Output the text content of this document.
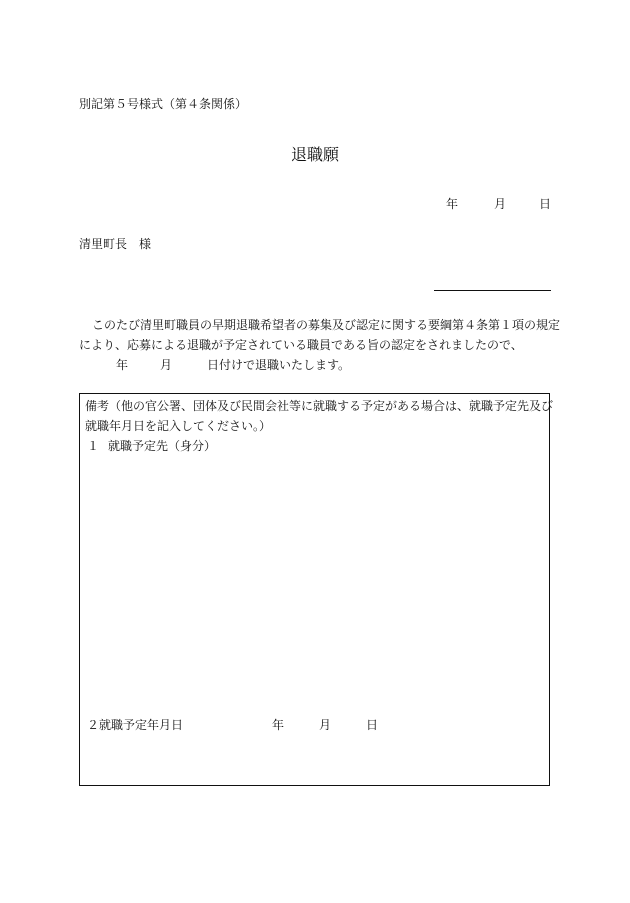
別記第５号様式（第４条関係）
退職願
年	月	日
清里町長　様
このたび清里町職員の早期退職希望者の募集及び認定に関する要綱第４条第１項の規定
により、応募による退職が予定されている職員である旨の認定をされましたので、
年	月	日付けで退職いたします。
備考（他の官公署、団体及び民間会社等に就職する予定がある場合は、就職予定先及び
就職年月日を記入してください。）
１ 就職予定先（身分）
２就職予定年月日	年	月	日
